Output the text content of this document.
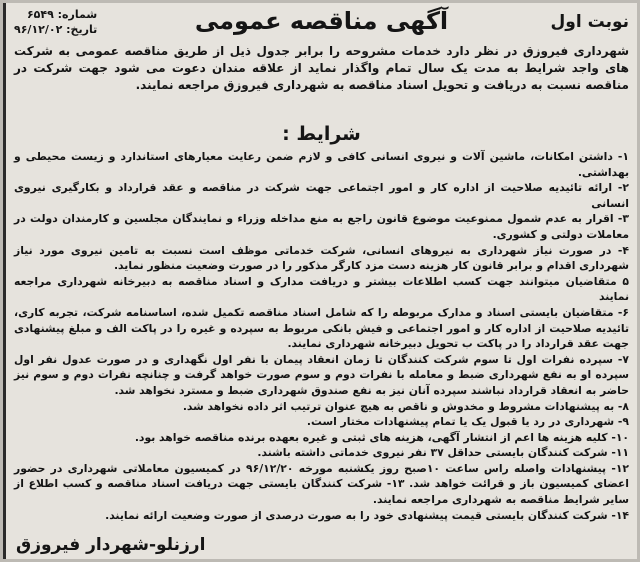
نوبت اول
آگهی مناقصه عمومی
شماره: ۶۵۴۹
تاریخ: ۹۶/۱۲/۰۲
شهرداری فیروزق در نظر دارد خدمات مشروحه را برابر جدول ذیل از طریق مناقصه عمومی به شرکت های واجد شرایط به مدت یک سال تمام واگذار نماید از علاقه مندان دعوت می شود جهت شرکت در مناقصه نسبت به دریافت و تحویل اسناد مناقصه به شهرداری فیروزق مراجعه نمایند.
شرایط :
۱- داشتن امکانات، ماشین آلات و نیروی انسانی کافی و لازم ضمن رعایت معیارهای استاندارد و زیست محیطی و بهداشتی.
۲- ارائه تائیدیه صلاحیت از اداره کار و امور اجتماعی جهت شرکت در مناقصه و عقد قرارداد و بکارگیری نیروی انسانی
۳- اقرار به عدم شمول ممنوعیت موضوع قانون راجع به منع مداخله وزراء و نمایندگان مجلسین و کارمندان دولت در معاملات دولتی و کشوری.
۴- در صورت نیاز شهرداری به نیروهای انسانی، شرکت خدماتی موظف است نسبت به تامین نیروی مورد نیاز شهرداری اقدام و برابر قانون کار هزینه دست مزد کارگر مذکور را در صورت وضعیت منظور نماید.
۵ متقاضیان میتوانند جهت کسب اطلاعات بیشتر و دریافت مدارک و اسناد مناقصه به دبیرخانه شهرداری مراجعه نمایند
۶- متقاضیان بایستی اسناد و مدارک مربوطه را که شامل اسناد مناقصه تکمیل شده، اساسنامه شرکت، تجربه کاری، تائیدیه صلاحیت از اداره کار و امور اجتماعی و فیش بانکی مربوط به سپرده و غیره را در پاکت الف و مبلغ پیشنهادی جهت عقد قرارداد را در پاکت ب تحویل دبیرخانه شهرداری نمایند.
۷- سپرده نفرات اول تا سوم شرکت کنندگان تا زمان انعقاد پیمان با نفر اول نگهداری و در صورت عدول نفر اول سپرده او به نفع شهرداری ضبط و معامله با نفرات دوم و سوم صورت خواهد گرفت و چنانچه نفرات دوم و سوم نیز حاضر به انعقاد قرارداد نباشند سپرده آنان نیز به نفع صندوق شهرداری ضبط و مسترد نخواهد شد.
۸- به پیشنهادات مشروط و مخدوش و ناقص به هیچ عنوان ترتیب اثر داده نخواهد شد.
۹- شهرداری در رد یا قبول یک یا تمام پیشنهادات مختار است.
۱۰- کلیه هزینه ها اعم از انتشار آگهی، هزینه های ثبتی و غیره بعهده برنده مناقصه خواهد بود.
۱۱- شرکت کنندگان بایستی حداقل ۳۷ نفر نیروی خدماتی داشته باشند.
۱۲- پیشنهادات واصله راس ساعت ۱۰صبح روز یکشنبه مورخه ۹۶/۱۲/۲۰ در کمیسیون معاملاتی شهرداری در حضور اعضای کمیسیون باز و قرائت خواهد شد. ۱۳- شرکت کنندگان بایستی جهت دریافت اسناد مناقصه و کسب اطلاع از سایر شرایط مناقصه به شهرداری مراجعه نمایند.
۱۴- شرکت کنندگان بایستی قیمت پیشنهادی خود را به صورت درصدی از صورت وضعیت ارائه نمایند.
ارزنلو-شهردار فیروزق
